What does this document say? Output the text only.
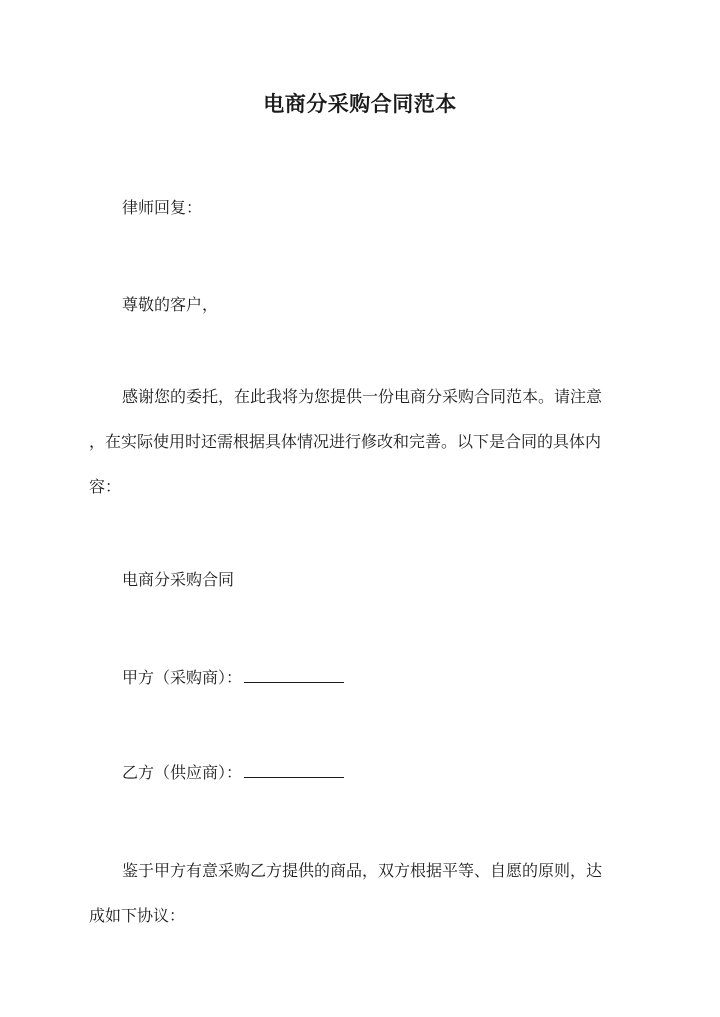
电商分采购合同范本

律师回复：

尊敬的客户，

感谢您的委托，在此我将为您提供一份电商分采购合同范本。请注意
，在实际使用时还需根据具体情况进行修改和完善。以下是合同的具体内
容：

电商分采购合同

甲方（采购商）：

乙方（供应商）：

鉴于甲方有意采购乙方提供的商品，双方根据平等、自愿的原则，达
成如下协议：
